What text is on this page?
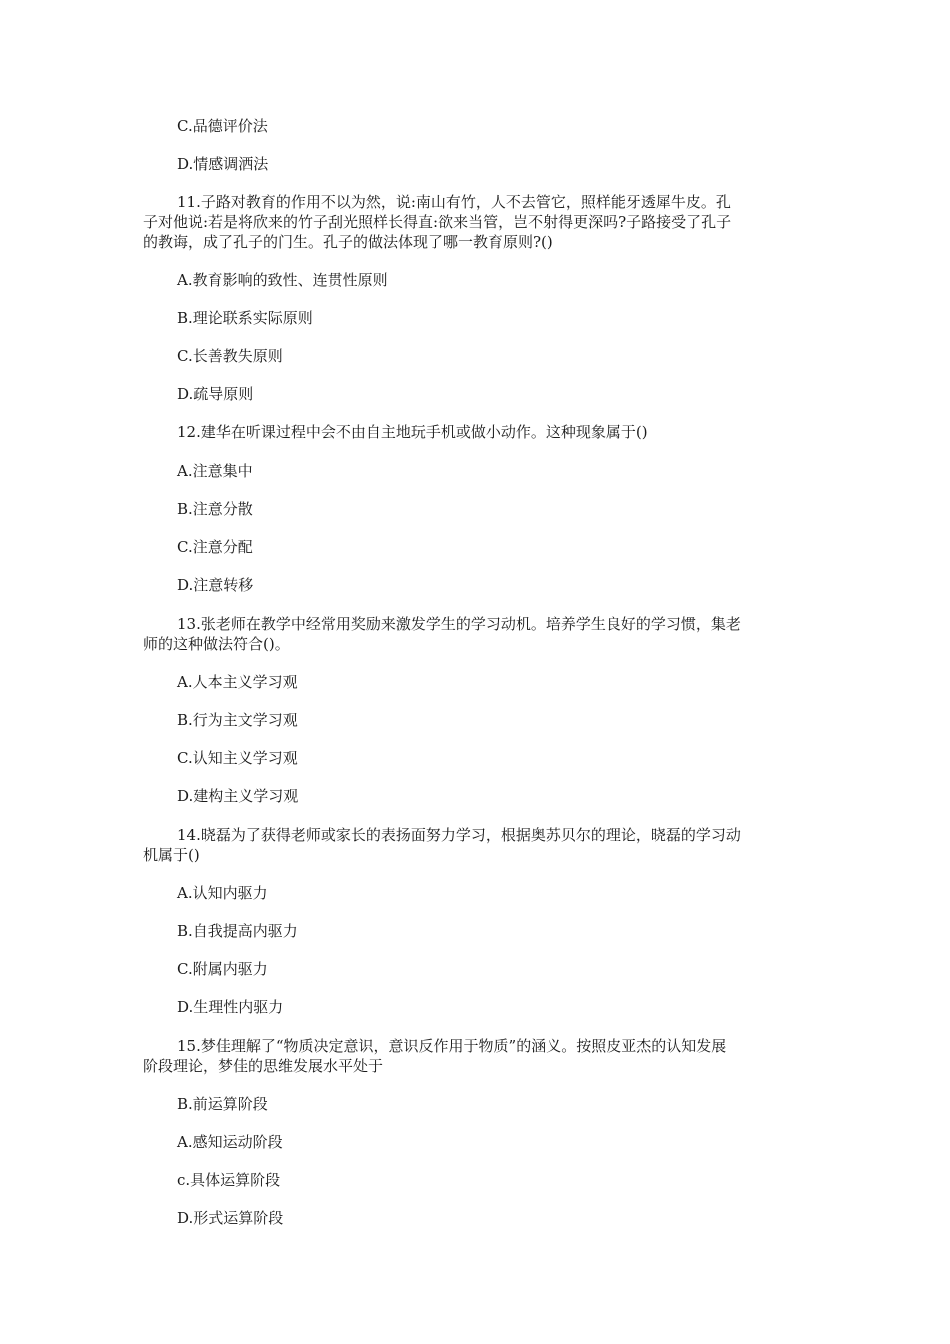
C.品德评价法
D.情感调洒法
11.子路对教育的作用不以为然，说:南山有竹，人不去管它，照样能牙透犀牛皮。孔
子对他说:若是将欣来的竹子刮光照样长得直:欲来当管，岂不射得更深吗?子路接受了孔子
的教诲，成了孔子的门生。孔子的做法体现了哪一教育原则?()
A.教育影响的致性、连贯性原则
B.理论联系实际原则
C.长善教失原则
D.疏导原则
12.建华在听课过程中会不由自主地玩手机或做小动作。这种现象属于()
A.注意集中
B.注意分散
C.注意分配
D.注意转移
13.张老师在教学中经常用奖励来激发学生的学习动机。培养学生良好的学习惯，集老
师的这种做法符合()。
A.人本主义学习观
B.行为主文学习观
C.认知主义学习观
D.建构主义学习观
14.晓磊为了获得老师或家长的表扬面努力学习，根据奥苏贝尔的理论，晓磊的学习动
机属于()
A.认知内驱力
B.自我提高内驱力
C.附属内驱力
D.生理性内驱力
15.梦佳理解了“物质决定意识，意识反作用于物质”的涵义。按照皮亚杰的认知发展
阶段理论，梦佳的思维发展水平处于
B.前运算阶段
A.感知运动阶段
c.具体运算阶段
D.形式运算阶段
